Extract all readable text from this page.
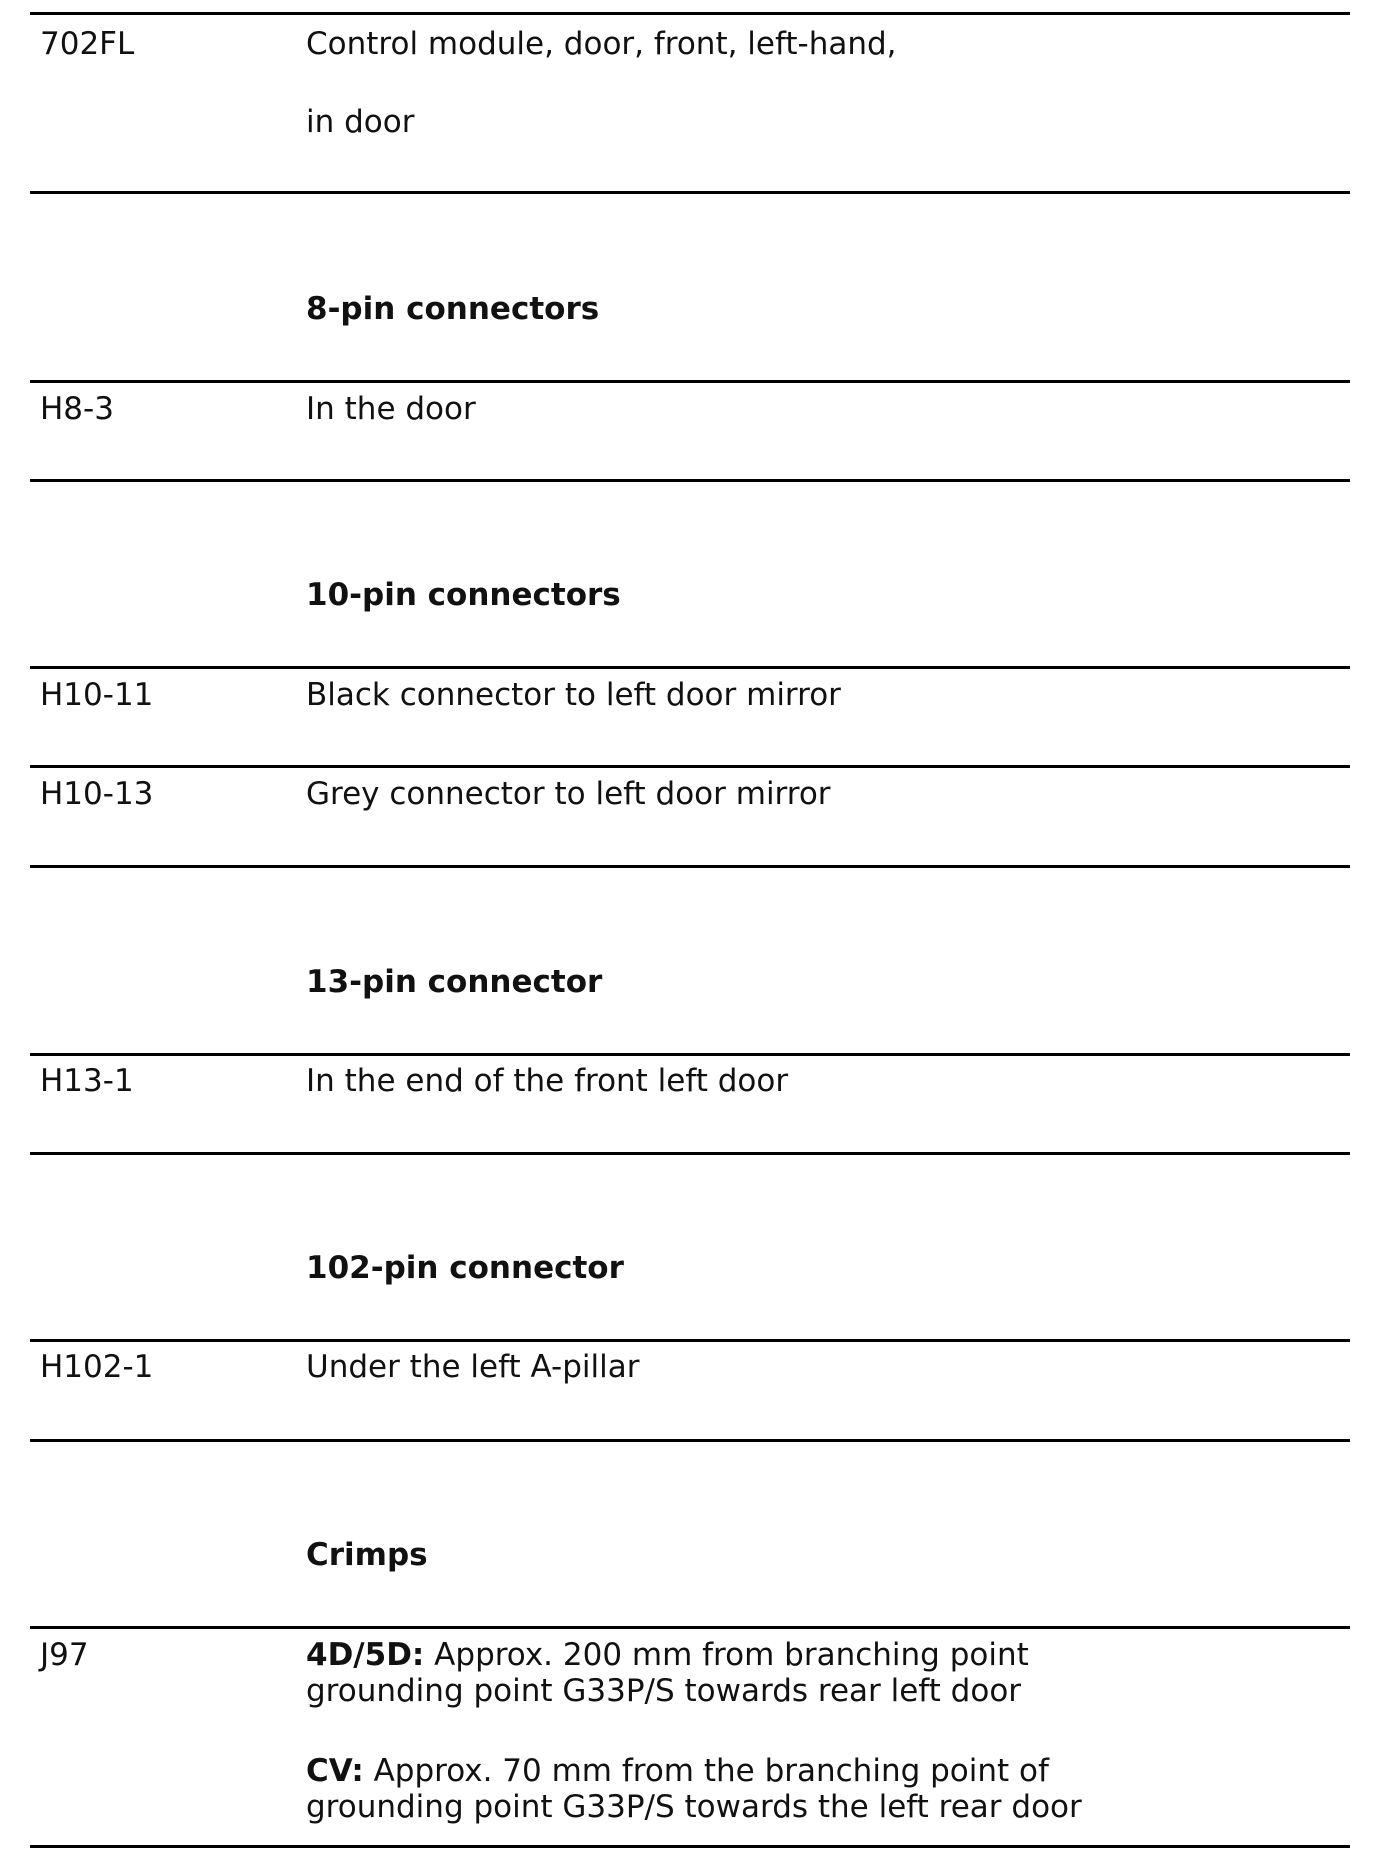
702FL	Control module, door, front, left-hand,
in door
8-pin connectors
H8-3	In the door
10-pin connectors
H10-11	Black connector to left door mirror
H10-13	Grey connector to left door mirror
13-pin connector
H13-1	In the end of the front left door
102-pin connector
H102-1	Under the left A-pillar
Crimps
J97	4D/5D: Approx. 200 mm from branching point
grounding point G33P/S towards rear left door
CV: Approx. 70 mm from the branching point of
grounding point G33P/S towards the left rear door
